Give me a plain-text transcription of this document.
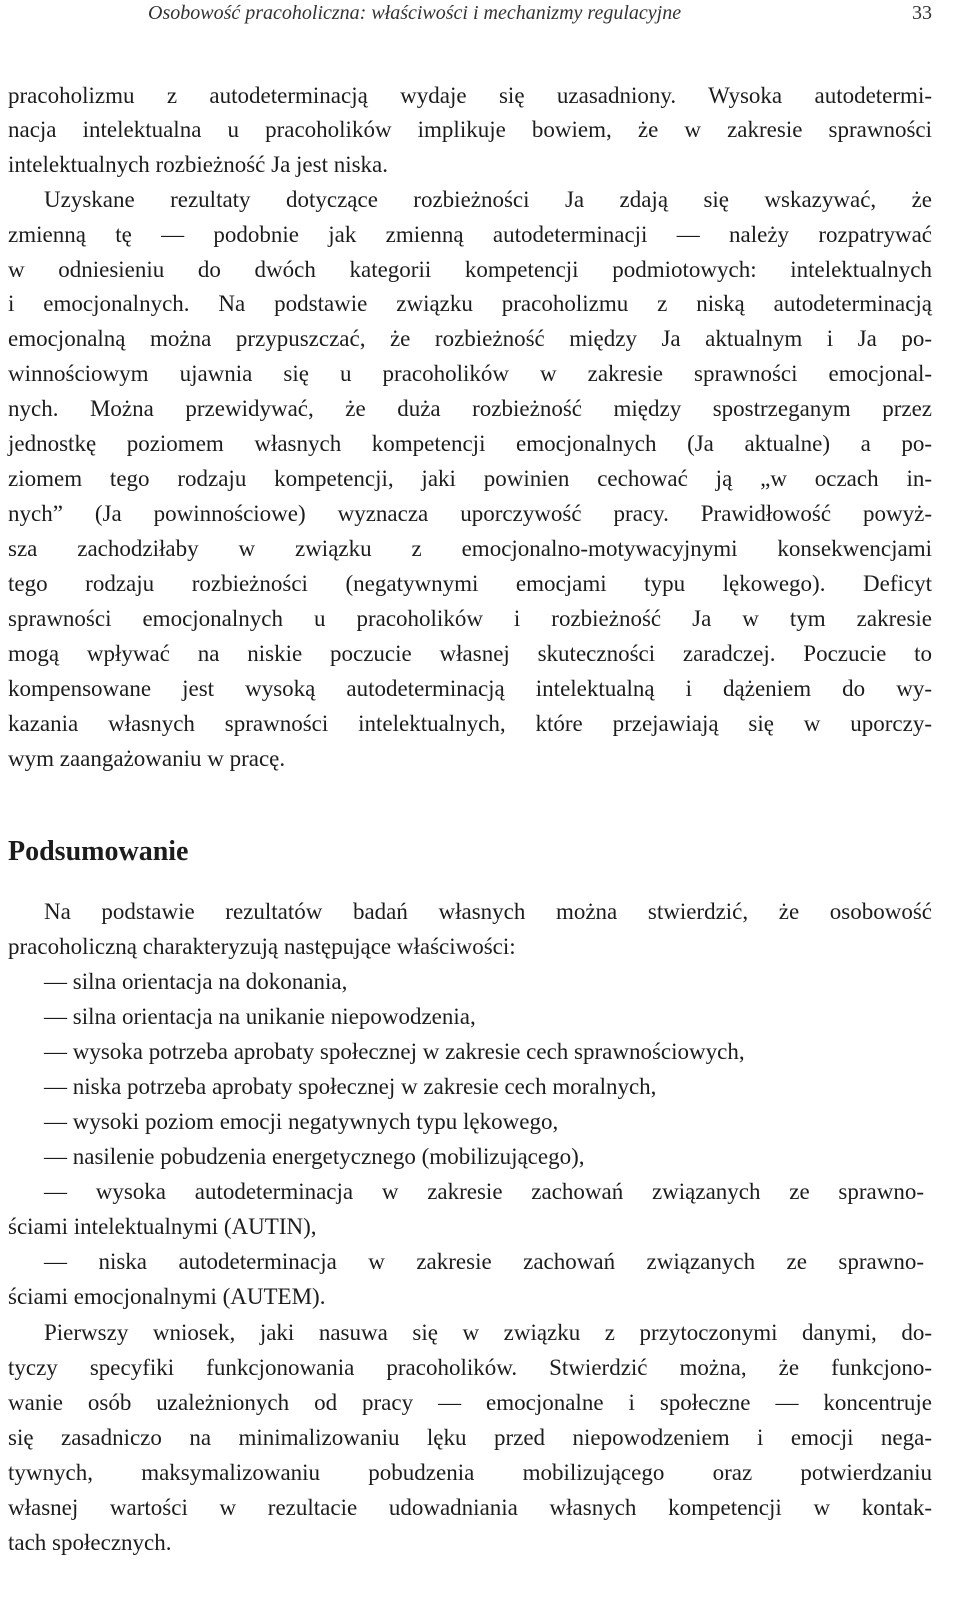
Osobowość pracoholiczna: właściwości i mechanizmy regulacyjne	33
pracoholizmu z autodeterminacją wydaje się uzasadniony. Wysoka autodetermi-
nacja intelektualna u pracoholików implikuje bowiem, że w zakresie sprawności
intelektualnych rozbieżność Ja jest niska.
Uzyskane rezultaty dotyczące rozbieżności Ja zdają się wskazywać, że
zmienną tę — podobnie jak zmienną autodeterminacji — należy rozpatrywać
w odniesieniu do dwóch kategorii kompetencji podmiotowych: intelektualnych
i emocjonalnych. Na podstawie związku pracoholizmu z niską autodeterminacją
emocjonalną można przypuszczać, że rozbieżność między Ja aktualnym i Ja po-
winnościowym ujawnia się u pracoholików w zakresie sprawności emocjonal-
nych. Można przewidywać, że duża rozbieżność między spostrzeganym przez
jednostkę poziomem własnych kompetencji emocjonalnych (Ja aktualne) a po-
ziomem tego rodzaju kompetencji, jaki powinien cechować ją „w oczach in-
nych” (Ja powinnościowe) wyznacza uporczywość pracy. Prawidłowość powyż-
sza zachodziłaby w związku z emocjonalno-motywacyjnymi konsekwencjami
tego rodzaju rozbieżności (negatywnymi emocjami typu lękowego). Deficyt
sprawności emocjonalnych u pracoholików i rozbieżność Ja w tym zakresie
mogą wpływać na niskie poczucie własnej skuteczności zaradczej. Poczucie to
kompensowane jest wysoką autodeterminacją intelektualną i dążeniem do wy-
kazania własnych sprawności intelektualnych, które przejawiają się w uporczy-
wym zaangażowaniu w pracę.
Podsumowanie
Na podstawie rezultatów badań własnych można stwierdzić, że osobowość
pracoholiczną charakteryzują następujące właściwości:
— silna orientacja na dokonania,
— silna orientacja na unikanie niepowodzenia,
— wysoka potrzeba aprobaty społecznej w zakresie cech sprawnościowych,
— niska potrzeba aprobaty społecznej w zakresie cech moralnych,
— wysoki poziom emocji negatywnych typu lękowego,
— nasilenie pobudzenia energetycznego (mobilizującego),
— wysoka autodeterminacja w zakresie zachowań związanych ze sprawno-
ściami intelektualnymi (AUTIN),
— niska autodeterminacja w zakresie zachowań związanych ze sprawno-
ściami emocjonalnymi (AUTEM).
Pierwszy wniosek, jaki nasuwa się w związku z przytoczonymi danymi, do-
tyczy specyfiki funkcjonowania pracoholików. Stwierdzić można, że funkcjono-
wanie osób uzależnionych od pracy — emocjonalne i społeczne — koncentruje
się zasadniczo na minimalizowaniu lęku przed niepowodzeniem i emocji nega-
tywnych, maksymalizowaniu pobudzenia mobilizującego oraz potwierdzaniu
własnej wartości w rezultacie udowadniania własnych kompetencji w kontak-
tach społecznych.
